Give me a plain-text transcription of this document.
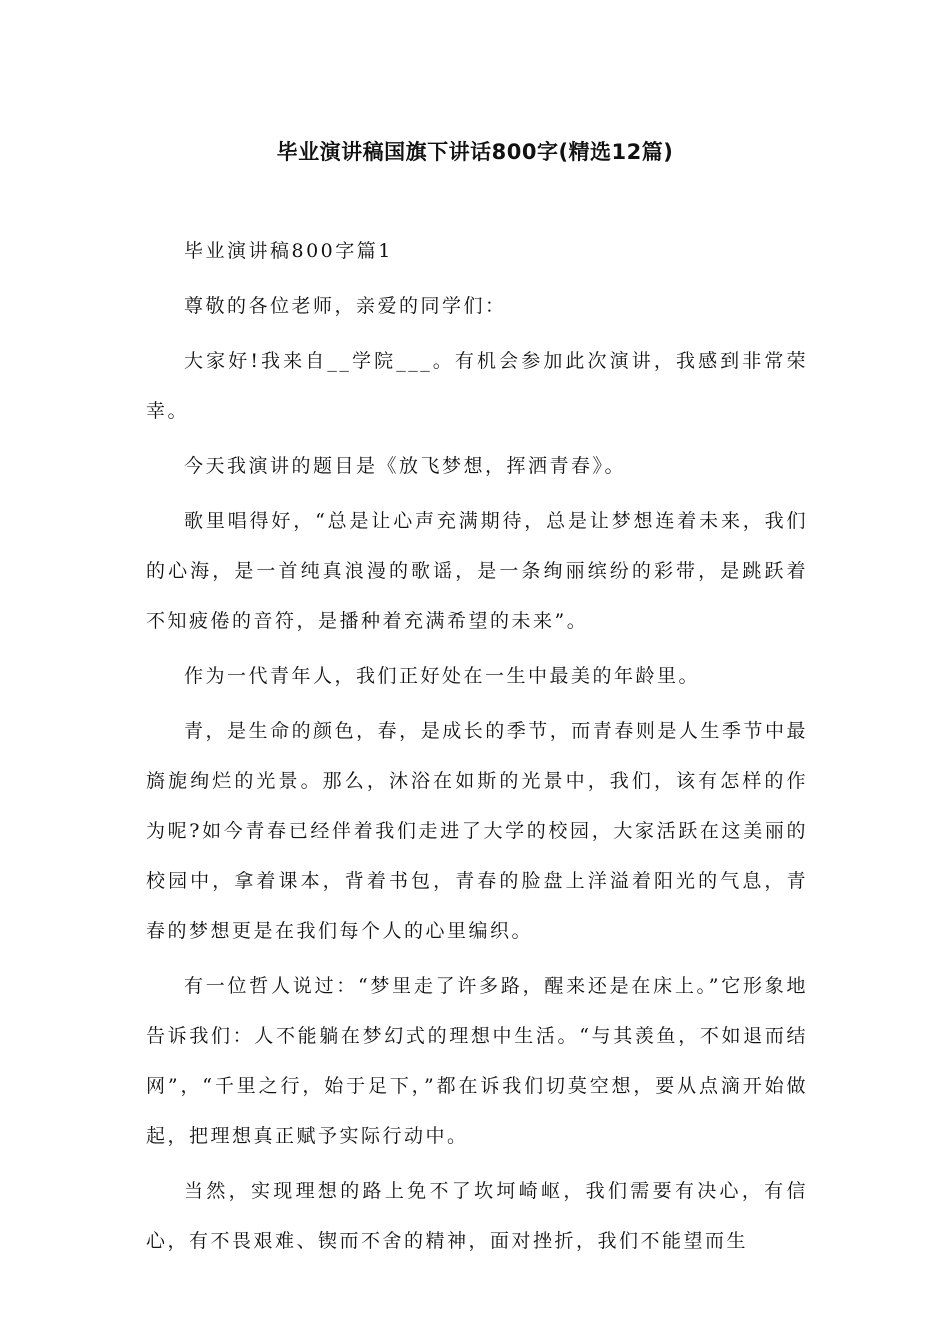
毕业演讲稿国旗下讲话800字(精选12篇)

毕业演讲稿800字篇1

尊敬的各位老师，亲爱的同学们：

大家好!我来自__学院___。有机会参加此次演讲，我感到非常荣幸。

今天我演讲的题目是《放飞梦想，挥洒青春》。

歌里唱得好，“总是让心声充满期待，总是让梦想连着未来，我们的心海，是一首纯真浪漫的歌谣，是一条绚丽缤纷的彩带，是跳跃着不知疲倦的音符，是播种着充满希望的未来”。

作为一代青年人，我们正好处在一生中最美的年龄里。

青，是生命的颜色，春，是成长的季节，而青春则是人生季节中最旖旎绚烂的光景。那么，沐浴在如斯的光景中，我们，该有怎样的作为呢?如今青春已经伴着我们走进了大学的校园，大家活跃在这美丽的校园中，拿着课本，背着书包，青春的脸盘上洋溢着阳光的气息，青春的梦想更是在我们每个人的心里编织。

有一位哲人说过：“梦里走了许多路，醒来还是在床上。”它形象地告诉我们：人不能躺在梦幻式的理想中生活。“与其羡鱼，不如退而结网”，“千里之行，始于足下，”都在诉我们切莫空想，要从点滴开始做起，把理想真正赋予实际行动中。

当然，实现理想的路上免不了坎坷崎岖，我们需要有决心，有信心，有不畏艰难、锲而不舍的精神，面对挫折，我们不能望而生
